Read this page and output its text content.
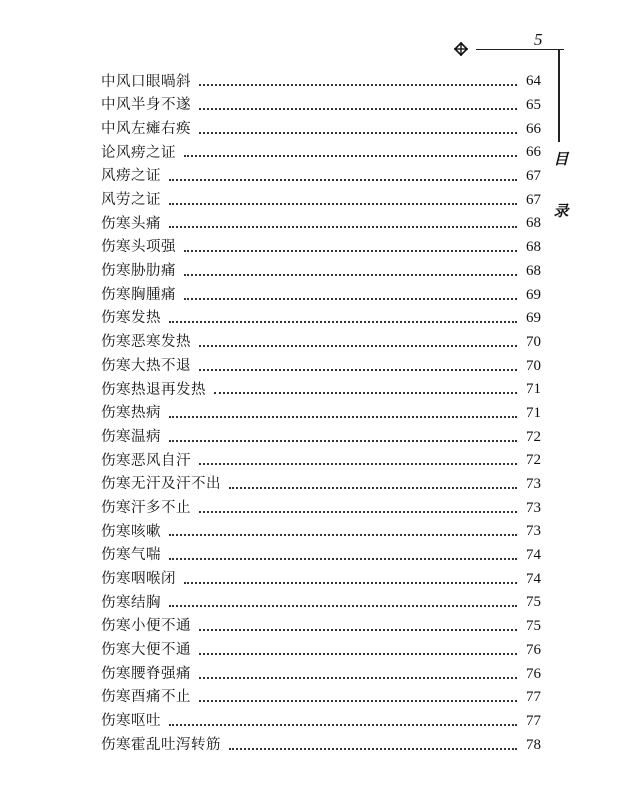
5
目
录
中风口眼喎斜	64
中风半身不遂	65
中风左瘫右痪	66
论风痨之证	66
风痨之证	67
风劳之证	67
伤寒头痛	68
伤寒头项强	68
伤寒胁肋痛	68
伤寒胸腫痛	69
伤寒发热	69
伤寒恶寒发热	70
伤寒大热不退	70
伤寒热退再发热	71
伤寒热病	71
伤寒温病	72
伤寒恶风自汗	72
伤寒无汗及汗不出	73
伤寒汗多不止	73
伤寒咳嗽	73
伤寒气喘	74
伤寒咽喉闭	74
伤寒结胸	75
伤寒小便不通	75
伤寒大便不通	76
伤寒腰脊强痛	76
伤寒酉痛不止	77
伤寒呕吐	77
伤寒霍乱吐泻转筋	78
